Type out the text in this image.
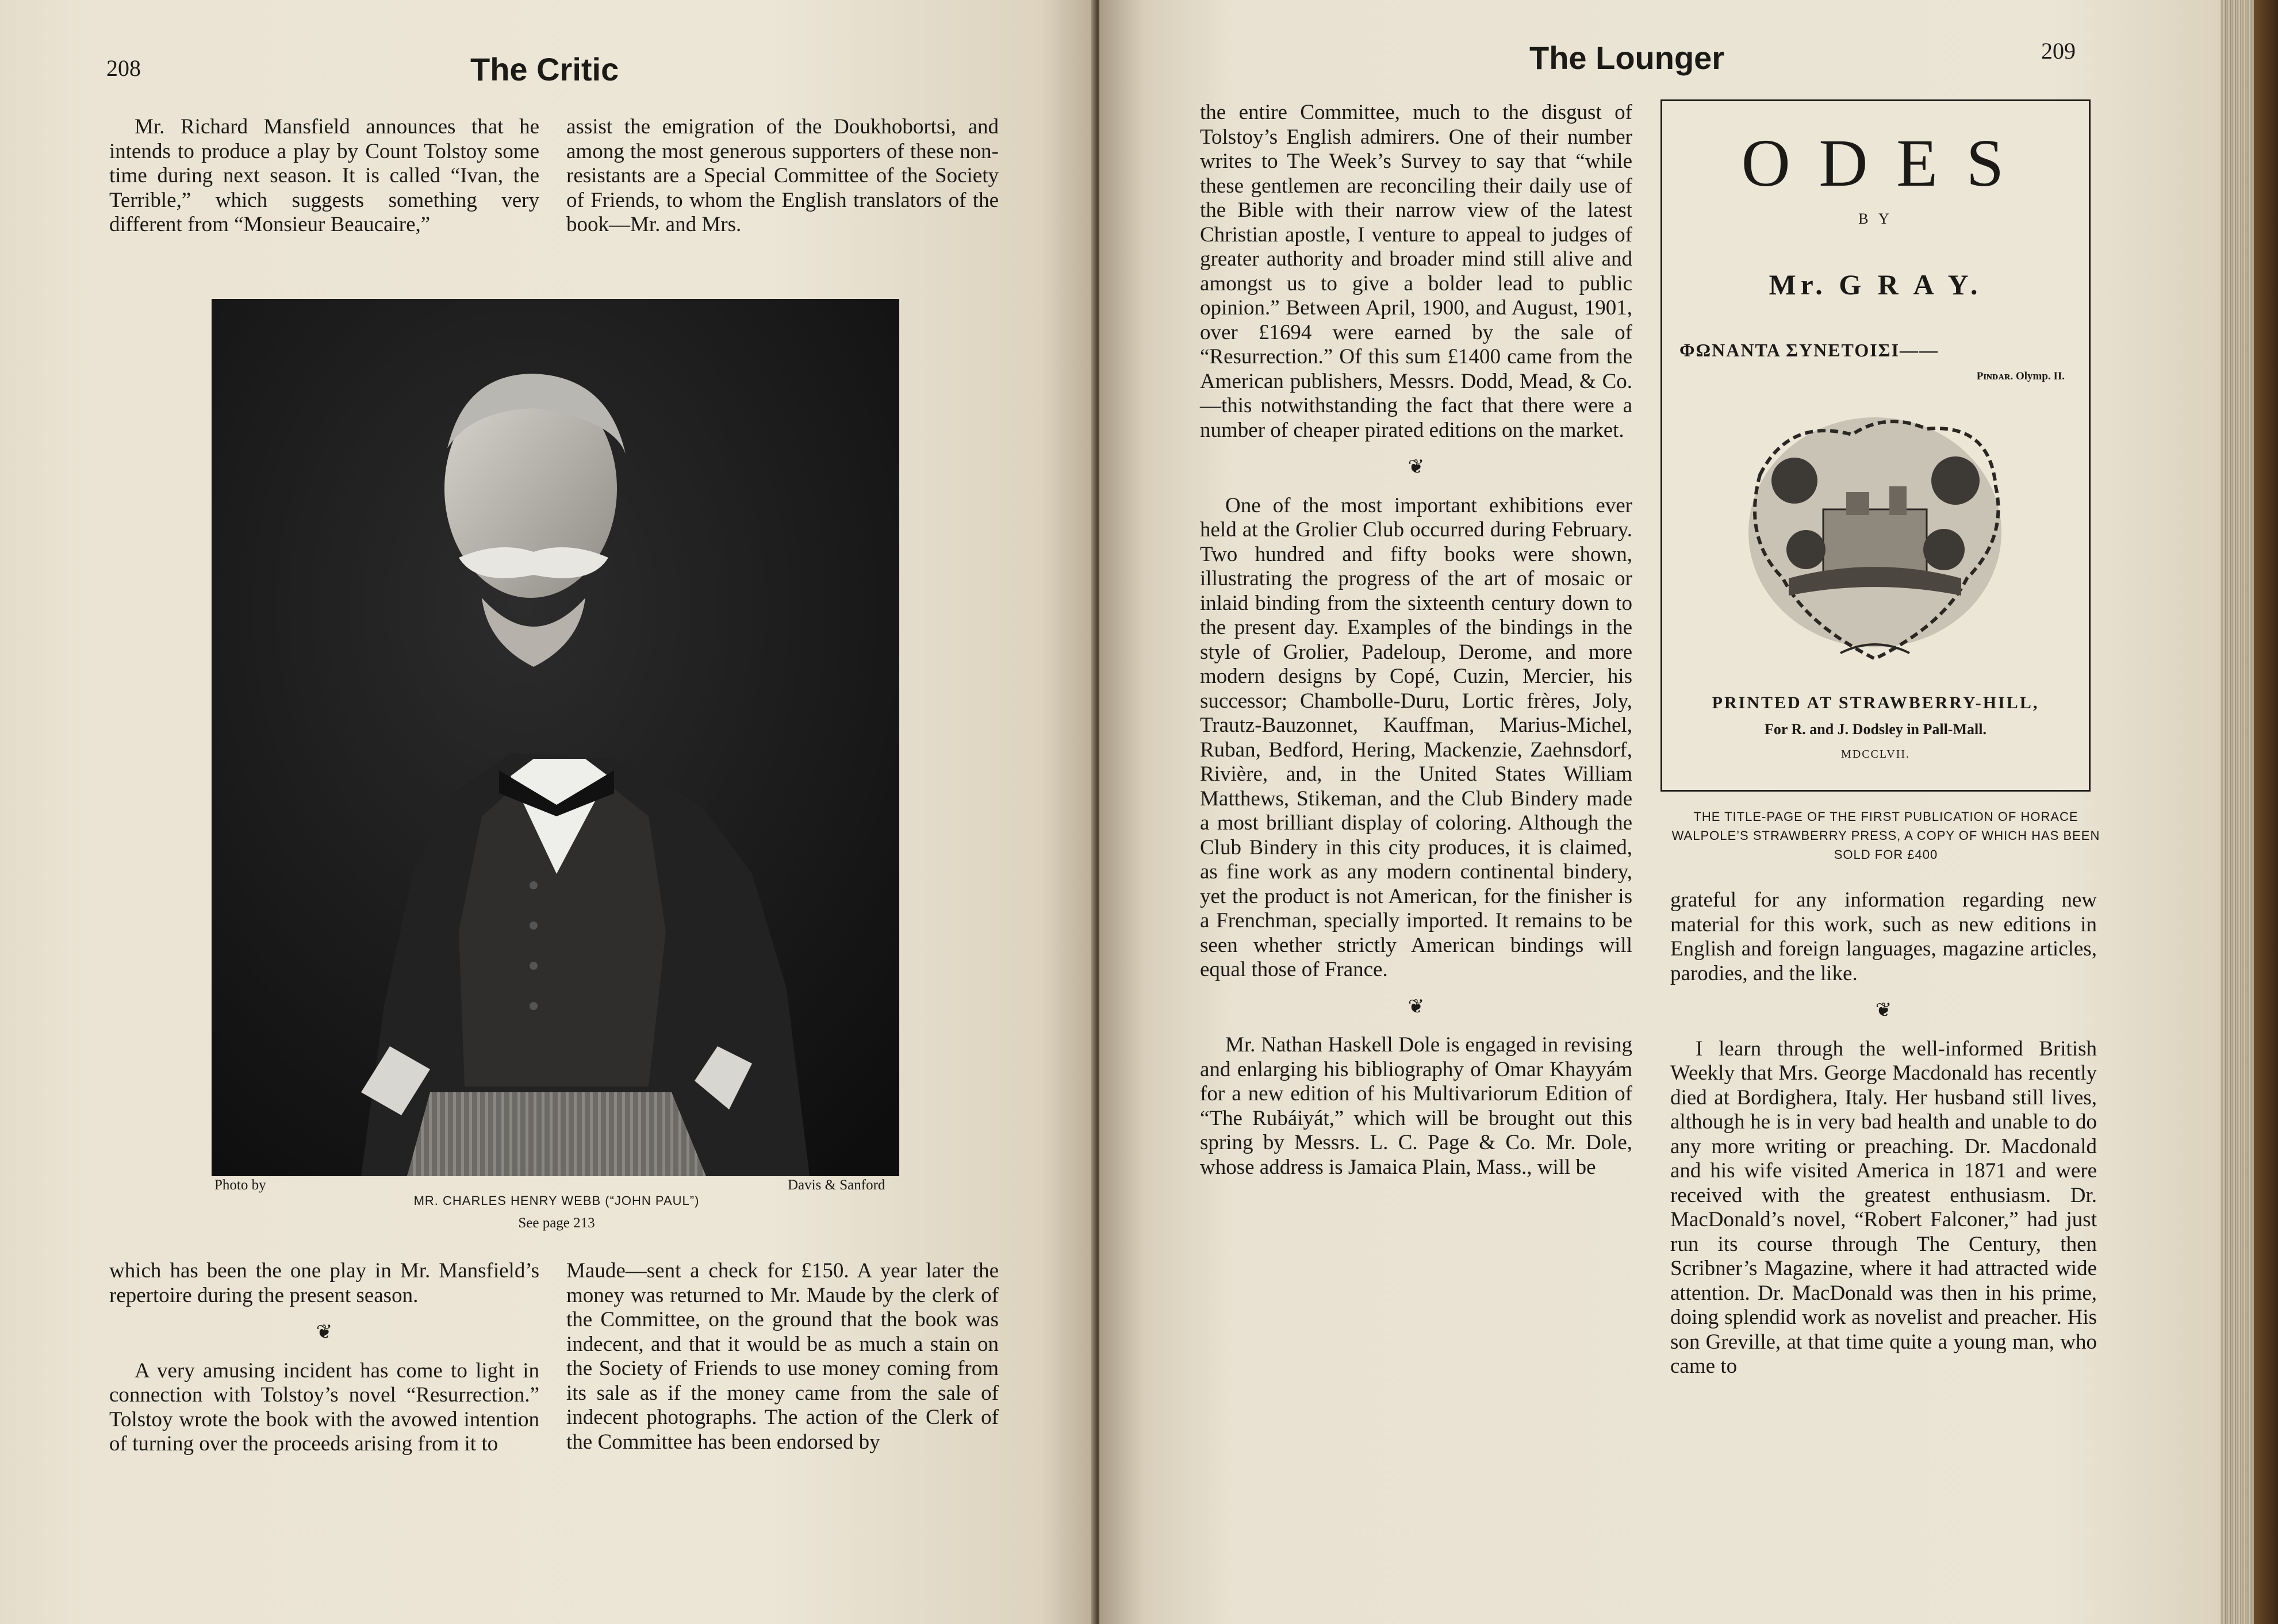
208	The Critic

Mr. Richard Mansfield announces that he intends to produce a play by Count Tolstoy some time during next season. It is called “Ivan, the Terrible,” which suggests something very different from “Monsieur Beaucaire,”

assist the emigration of the Doukhobortsi, and among the most generous supporters of these non-resistants are a Special Committee of the Society of Friends, to whom the English translators of the book—Mr. and Mrs.

Photo by	Davis & Sanford
MR. CHARLES HENRY WEBB (“JOHN PAUL”)
See page 213

which has been the one play in Mr. Mansfield’s repertoire during the present season.

❦

A very amusing incident has come to light in connection with Tolstoy’s novel “Resurrection.” Tolstoy wrote the book with the avowed intention of turning over the proceeds arising from it to

Maude—sent a check for £150. A year later the money was returned to Mr. Maude by the clerk of the Committee, on the ground that the book was indecent, and that it would be as much a stain on the Society of Friends to use money coming from its sale as if the money came from the sale of indecent photographs. The action of the Clerk of the Committee has been endorsed by

The Lounger	209

the entire Committee, much to the disgust of Tolstoy’s English admirers. One of their number writes to The Week’s Survey to say that “while these gentlemen are reconciling their daily use of the Bible with their narrow view of the latest Christian apostle, I venture to appeal to judges of greater authority and broader mind still alive and amongst us to give a bolder lead to public opinion.” Between April, 1900, and August, 1901, over £1694 were earned by the sale of “Resurrection.” Of this sum £1400 came from the American publishers, Messrs. Dodd, Mead, & Co.—this notwithstanding the fact that there were a number of cheaper pirated editions on the market.

❦

One of the most important exhibitions ever held at the Grolier Club occurred during February. Two hundred and fifty books were shown, illustrating the progress of the art of mosaic or inlaid binding from the sixteenth century down to the present day. Examples of the bindings in the style of Grolier, Padeloup, Derome, and more modern designs by Copé, Cuzin, Mercier, his successor; Chambolle-Duru, Lortic frères, Joly, Trautz-Bauzonnet, Kauffman, Marius-Michel, Ruban, Bedford, Hering, Mackenzie, Zaehnsdorf, Rivière, and, in the United States William Matthews, Stikeman, and the Club Bindery made a most brilliant display of coloring. Although the Club Bindery in this city produces, it is claimed, as fine work as any modern continental bindery, yet the product is not American, for the finisher is a Frenchman, specially imported. It remains to be seen whether strictly American bindings will equal those of France.

❦

Mr. Nathan Haskell Dole is engaged in revising and enlarging his bibliography of Omar Khayyám for a new edition of his Multivariorum Edition of “The Rubáiyát,” which will be brought out this spring by Messrs. L. C. Page & Co. Mr. Dole, whose address is Jamaica Plain, Mass., will be

O D E S
B Y
Mr. G R A Y.
ΦΩΝΑΝΤΑ ΣΥΝΕΤΟΙΣΙ——
Pɪɴᴅᴀʀ. Olymp. II.
PRINTED AT STRAWBERRY-HILL,
For R. and J. Dodsley in Pall-Mall.
MDCCLVII.
THE TITLE-PAGE OF THE FIRST PUBLICATION OF HORACE WALPOLE’S STRAWBERRY PRESS, A COPY OF WHICH HAS BEEN SOLD FOR £400

grateful for any information regarding new material for this work, such as new editions in English and foreign languages, magazine articles, parodies, and the like.

❦

I learn through the well-informed British Weekly that Mrs. George Macdonald has recently died at Bordighera, Italy. Her husband still lives, although he is in very bad health and unable to do any more writing or preaching. Dr. Macdonald and his wife visited America in 1871 and were received with the greatest enthusiasm. Dr. MacDonald’s novel, “Robert Falconer,” had just run its course through The Century, then Scribner’s Magazine, where it had attracted wide attention. Dr. MacDonald was then in his prime, doing splendid work as novelist and preacher. His son Greville, at that time quite a young man, who came to
